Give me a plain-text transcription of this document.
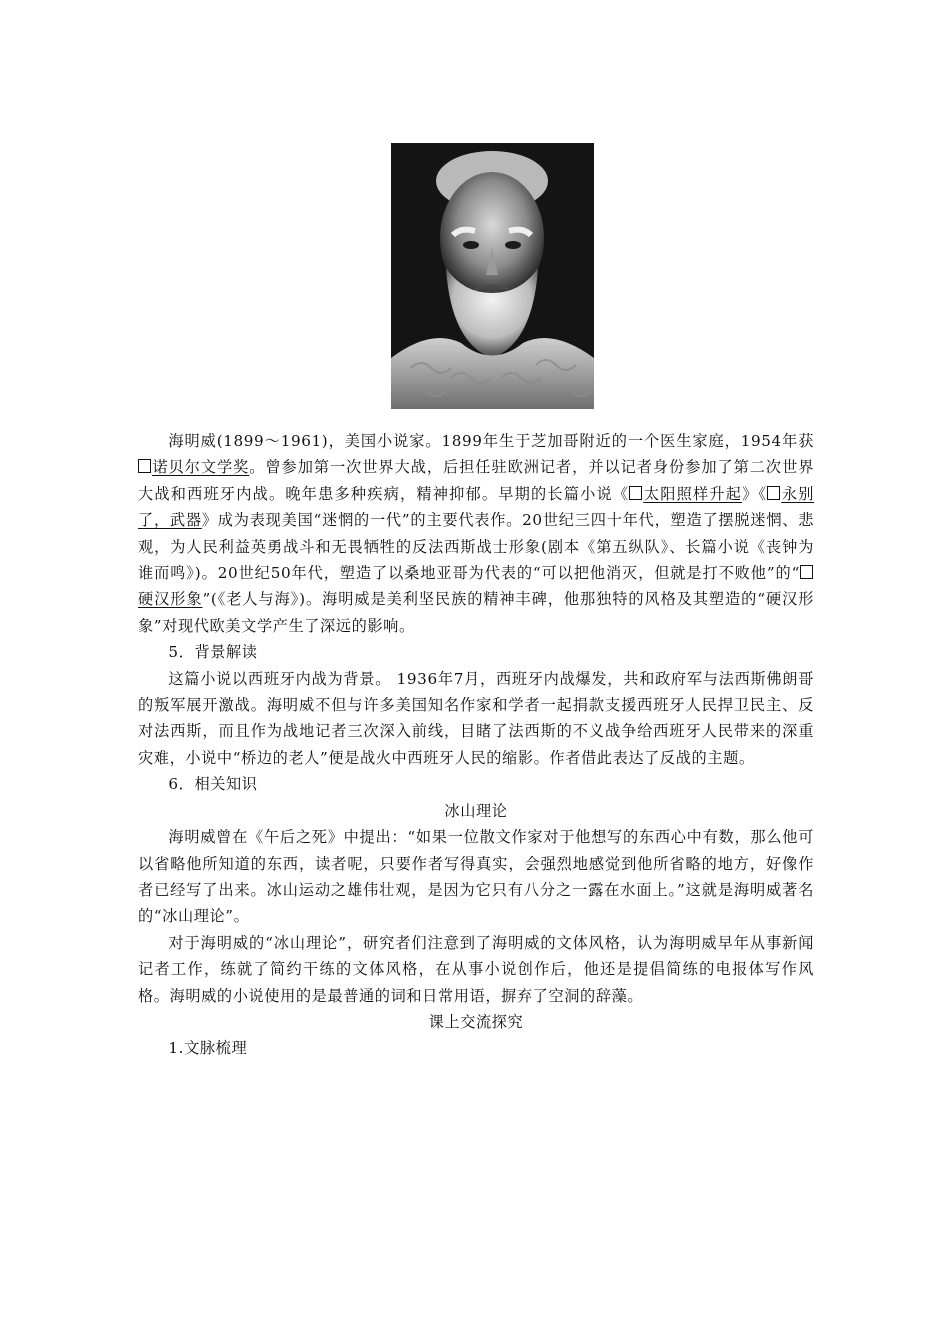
海明威(1899～1961)，美国小说家。1899年生于芝加哥附近的一个医生家庭，1954年获诺贝尔文学奖。曾参加第一次世界大战，后担任驻欧洲记者，并以记者身份参加了第二次世界大战和西班牙内战。晚年患多种疾病，精神抑郁。早期的长篇小说《 太阳照样升起》《 永别了，武器》成为表现美国“迷惘的一代”的主要代表作。20世纪三四十年代，塑造了摆脱迷惘、悲观，为人民利益英勇战斗和无畏牺牲的反法西斯战士形象(剧本《第五纵队》、长篇小说《丧钟为谁而鸣》)。20世纪50年代，塑造了以桑地亚哥为代表的“可以把他消灭，但就是打不败他”的“硬汉形象”(《老人与海》)。海明威是美利坚民族的精神丰碑，他那独特的风格及其塑造的“硬汉形象”对现代欧美文学产生了深远的影响。

5．背景解读

这篇小说以西班牙内战为背景。 1936年7月，西班牙内战爆发，共和政府军与法西斯佛朗哥的叛军展开激战。海明威不但与许多美国知名作家和学者一起捐款支援西班牙人民捍卫民主、反对法西斯，而且作为战地记者三次深入前线，目睹了法西斯的不义战争给西班牙人民带来的深重灾难，小说中“桥边的老人”便是战火中西班牙人民的缩影。作者借此表达了反战的主题。

6．相关知识

冰山理论

海明威曾在《午后之死》中提出：“如果一位散文作家对于他想写的东西心中有数，那么他可以省略他所知道的东西，读者呢，只要作者写得真实，会强烈地感觉到他所省略的地方，好像作者已经写了出来。冰山运动之雄伟壮观，是因为它只有八分之一露在水面上。”这就是海明威著名的“冰山理论”。

对于海明威的“冰山理论”，研究者们注意到了海明威的文体风格，认为海明威早年从事新闻记者工作，练就了简约干练的文体风格，在从事小说创作后，他还是提倡简练的电报体写作风格。海明威的小说使用的是最普通的词和日常用语，摒弃了空洞的辞藻。

课上交流探究

1.文脉梳理
